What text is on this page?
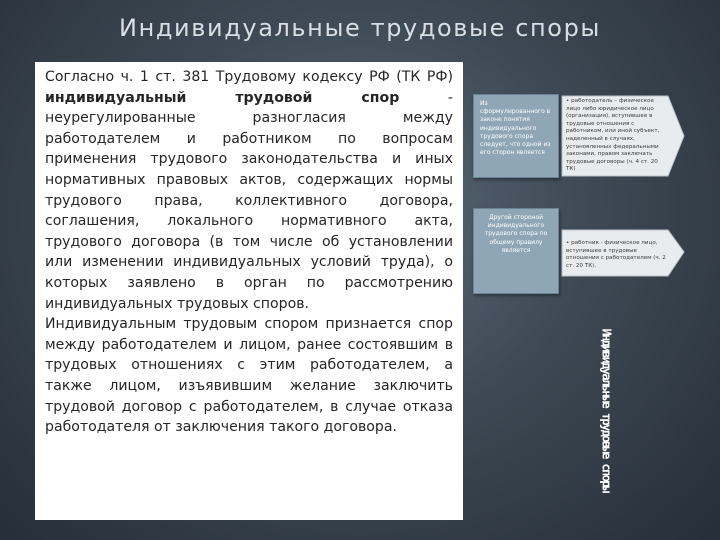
Индивидуальные трудовые споры

Согласно ч. 1 ст. 381 Трудовому кодексу РФ (ТК РФ) индивидуальный трудовой спор - неурегулированные разногласия между работодателем и работником по вопросам применения трудового законодательства и иных нормативных правовых актов, содержащих нормы трудового права, коллективного договора, соглашения, локального нормативного акта, трудового договора (в том числе об установлении или изменении индивидуальных условий труда), о которых заявлено в орган по рассмотрению индивидуальных трудовых споров.

Индивидуальным трудовым спором признается спор между работодателем и лицом, ранее состоявшим в трудовых отношениях с этим работодателем, а также лицом, изъявившим желание заключить трудовой договор с работодателем, в случае отказа работодателя от заключения такого договора.

Из сформулированного в законе понятия индивидуального трудового спора следует, что одной из его сторон является
• работодатель – физическое лицо либо юридическое лицо (организация), вступившее в трудовые отношения с работником, или иной субъект, наделенный в случаях, установленных федеральными законами, правом заключать трудовые договоры (ч. 4 ст. 20 ТК)
Другой стороной индивидуального трудового спора по общему правилу является
• работник - физическое лицо, вступившее в трудовые отношения с работодателем (ч. 2 ст. 20 ТК).
Индивидуальные трудовые споры
